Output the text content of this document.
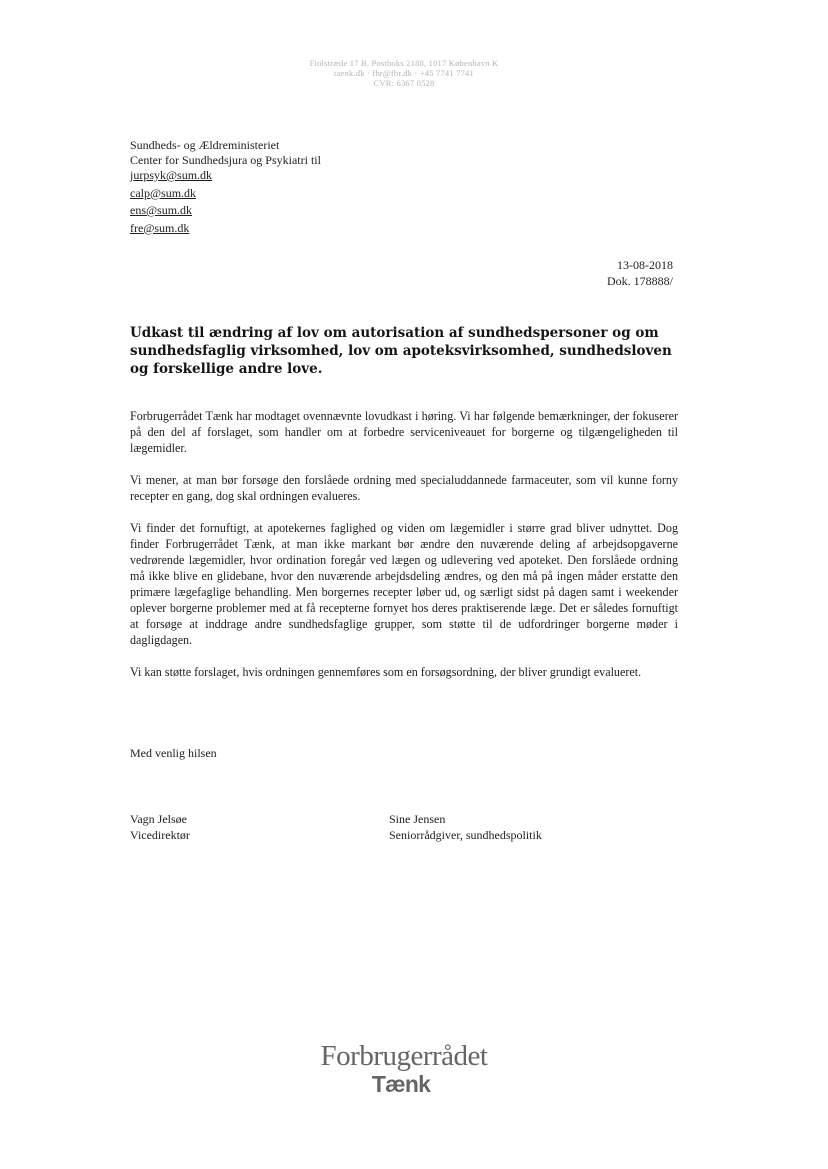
Fiolstræde 17 B, Postboks 2188, 1017 København K
taenk.dk · fbr@fbr.dk · +45 7741 7741
CVR: 6367 0528
Sundheds- og Ældreministeriet
Center for Sundhedsjura og Psykiatri til
jurpsyk@sum.dk
calp@sum.dk
ens@sum.dk
fre@sum.dk
13-08-2018
Dok. 178888/
Udkast til ændring af lov om autorisation af sundhedspersoner og om sundhedsfaglig virksomhed, lov om apoteksvirksomhed, sundhedsloven og forskellige andre love.

Forbrugerrådet Tænk har modtaget ovennævnte lovudkast i høring. Vi har følgende bemærkninger, der fokuserer på den del af forslaget, som handler om at forbedre serviceniveauet for borgerne og tilgængeligheden til lægemidler.

Vi mener, at man bør forsøge den forslåede ordning med specialuddannede farmaceuter, som vil kunne forny recepter en gang, dog skal ordningen evalueres.

Vi finder det fornuftigt, at apotekernes faglighed og viden om lægemidler i større grad bliver udnyttet. Dog finder Forbrugerrådet Tænk, at man ikke markant bør ændre den nuværende deling af arbejdsopgaverne vedrørende lægemidler, hvor ordination foregår ved lægen og udlevering ved apoteket. Den forslåede ordning må ikke blive en glidebane, hvor den nuværende arbejdsdeling ændres, og den må på ingen måder erstatte den primære lægefaglige behandling. Men borgernes recepter løber ud, og særligt sidst på dagen samt i weekender oplever borgerne problemer med at få recepterne fornyet hos deres praktiserende læge. Det er således fornuftigt at forsøge at inddrage andre sundhedsfaglige grupper, som støtte til de udfordringer borgerne møder i dagligdagen.

Vi kan støtte forslaget, hvis ordningen gennemføres som en forsøgsordning, der bliver grundigt evalueret.

Med venlig hilsen
Vagn Jelsøe
Vicedirektør
Sine Jensen
Seniorrådgiver, sundhedspolitik
Forbrugerrådet
Tænk
